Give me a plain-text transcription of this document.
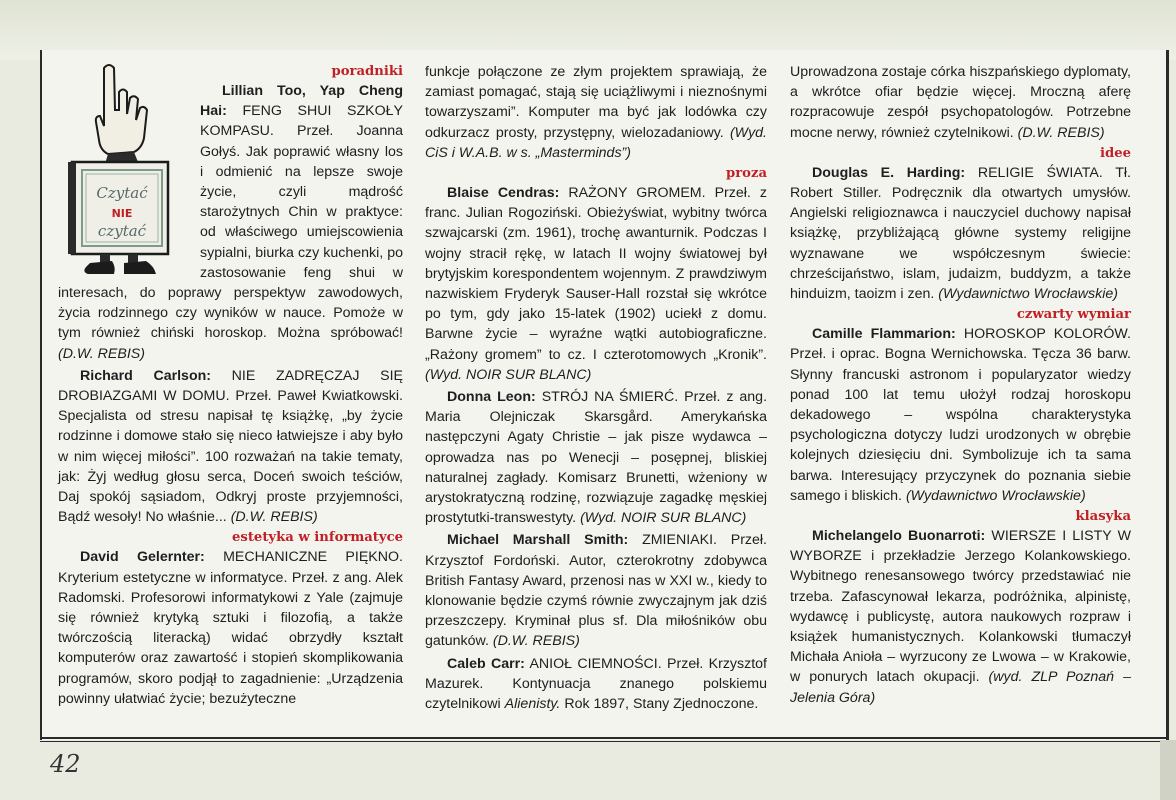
Czytać
NIE
czytać
poradniki

Lillian Too, Yap Cheng Hai: FENG SHUI SZKOŁY KOMPASU. Przeł. Joanna Gołyś. Jak poprawić własny los i odmienić na lepsze swoje życie, czyli mądrość starożytnych Chin w praktyce: od właściwego umiejscowienia sypialni, biurka czy kuchenki, po zastosowanie feng shui w interesach, do poprawy perspektyw zawodowych, życia rodzinnego czy wyników w nauce. Pomoże w tym również chiński horoskop. Można spróbować! (D.W. REBIS)

Richard Carlson: NIE ZADRĘCZAJ SIĘ DROBIAZGAMI W DOMU. Przeł. Paweł Kwiatkowski. Specjalista od stresu napisał tę książkę, „by życie rodzinne i domowe stało się nieco łatwiejsze i aby było w nim więcej miłości”. 100 rozważań na takie tematy, jak: Żyj według głosu serca, Doceń swoich teściów, Daj spokój sąsiadom, Odkryj proste przyjemności, Bądź wesoły! No właśnie... (D.W. REBIS)

estetyka w informatyce

David Gelernter: MECHANICZNE PIĘKNO. Kryterium estetyczne w informatyce. Przeł. z ang. Alek Radomski. Profesorowi informatykowi z Yale (zajmuje się również krytyką sztuki i filozofią, a także twórczością literacką) widać obrzydły kształt komputerów oraz zawartość i stopień skomplikowania programów, skoro podjął to zagadnienie: „Urządzenia powinny ułatwiać życie; bezużyteczne

funkcje połączone ze złym projektem sprawiają, że zamiast pomagać, stają się uciążliwymi i nieznośnymi towarzyszami”. Komputer ma być jak lodówka czy odkurzacz prosty, przystępny, wielozadaniowy. (Wyd. CiS i W.A.B. w s. „Masterminds”)

proza

Blaise Cendras: RAŻONY GROMEM. Przeł. z franc. Julian Rogoziński. Obieżyświat, wybitny twórca szwajcarski (zm. 1961), trochę awanturnik. Podczas I wojny stracił rękę, w latach II wojny światowej był brytyjskim korespondentem wojennym. Z prawdziwym nazwiskiem Fryderyk Sauser-Hall rozstał się wkrótce po tym, gdy jako 15-latek (1902) uciekł z domu. Barwne życie – wyraźne wątki autobiograficzne. „Rażony gromem” to cz. I czterotomowych „Kronik”. (Wyd. NOIR SUR BLANC)

Donna Leon: STRÓJ NA ŚMIERĆ. Przeł. z ang. Maria Olejniczak Skarsgård. Amerykańska następczyni Agaty Christie – jak pisze wydawca – oprowadza nas po Wenecji – posępnej, bliskiej naturalnej zagłady. Komisarz Brunetti, wżeniony w arystokratyczną rodzinę, rozwiązuje zagadkę męskiej prostytutki-transwestyty. (Wyd. NOIR SUR BLANC)

Michael Marshall Smith: ZMIENIAKI. Przeł. Krzysztof Fordoński. Autor, czterokrotny zdobywca British Fantasy Award, przenosi nas w XXI w., kiedy to klonowanie będzie czymś równie zwyczajnym jak dziś przeszczepy. Kryminał plus sf. Dla miłośników obu gatunków. (D.W. REBIS)

Caleb Carr: ANIOŁ CIEMNOŚCI. Przeł. Krzysztof Mazurek. Kontynuacja znanego polskiemu czytelnikowi Alienisty. Rok 1897, Stany Zjednoczone.

Uprowadzona zostaje córka hiszpańskiego dyplomaty, a wkrótce ofiar będzie więcej. Mroczną aferę rozpracowuje zespół psychopatologów. Potrzebne mocne nerwy, również czytelnikowi. (D.W. REBIS)

idee

Douglas E. Harding: RELIGIE ŚWIATA. Tł. Robert Stiller. Podręcznik dla otwartych umysłów. Angielski religioznawca i nauczyciel duchowy napisał książkę, przybliżającą główne systemy religijne wyznawane we współczesnym świecie: chrześcijaństwo, islam, judaizm, buddyzm, a także hinduizm, taoizm i zen. (Wydawnictwo Wrocławskie)

czwarty wymiar

Camille Flammarion: HOROSKOP KOLORÓW. Przeł. i oprac. Bogna Wernichowska. Tęcza 36 barw. Słynny francuski astronom i popularyzator wiedzy ponad 100 lat temu ułożył rodzaj horoskopu dekadowego – wspólna charakterystyka psychologiczna dotyczy ludzi urodzonych w obrębie kolejnych dziesięciu dni. Symbolizuje ich ta sama barwa. Interesujący przyczynek do poznania siebie samego i bliskich. (Wydawnictwo Wrocławskie)

klasyka

Michelangelo Buonarroti: WIERSZE I LISTY W WYBORZE i przekładzie Jerzego Kolankowskiego. Wybitnego renesansowego twórcy przedstawiać nie trzeba. Zafascynował lekarza, podróżnika, alpinistę, wydawcę i publicystę, autora naukowych rozpraw i książek humanistycznych. Kolankowski tłumaczył Michała Anioła – wyrzucony ze Lwowa – w Krakowie, w ponurych latach okupacji. (wyd. ZLP Poznań – Jelenia Góra)

42
